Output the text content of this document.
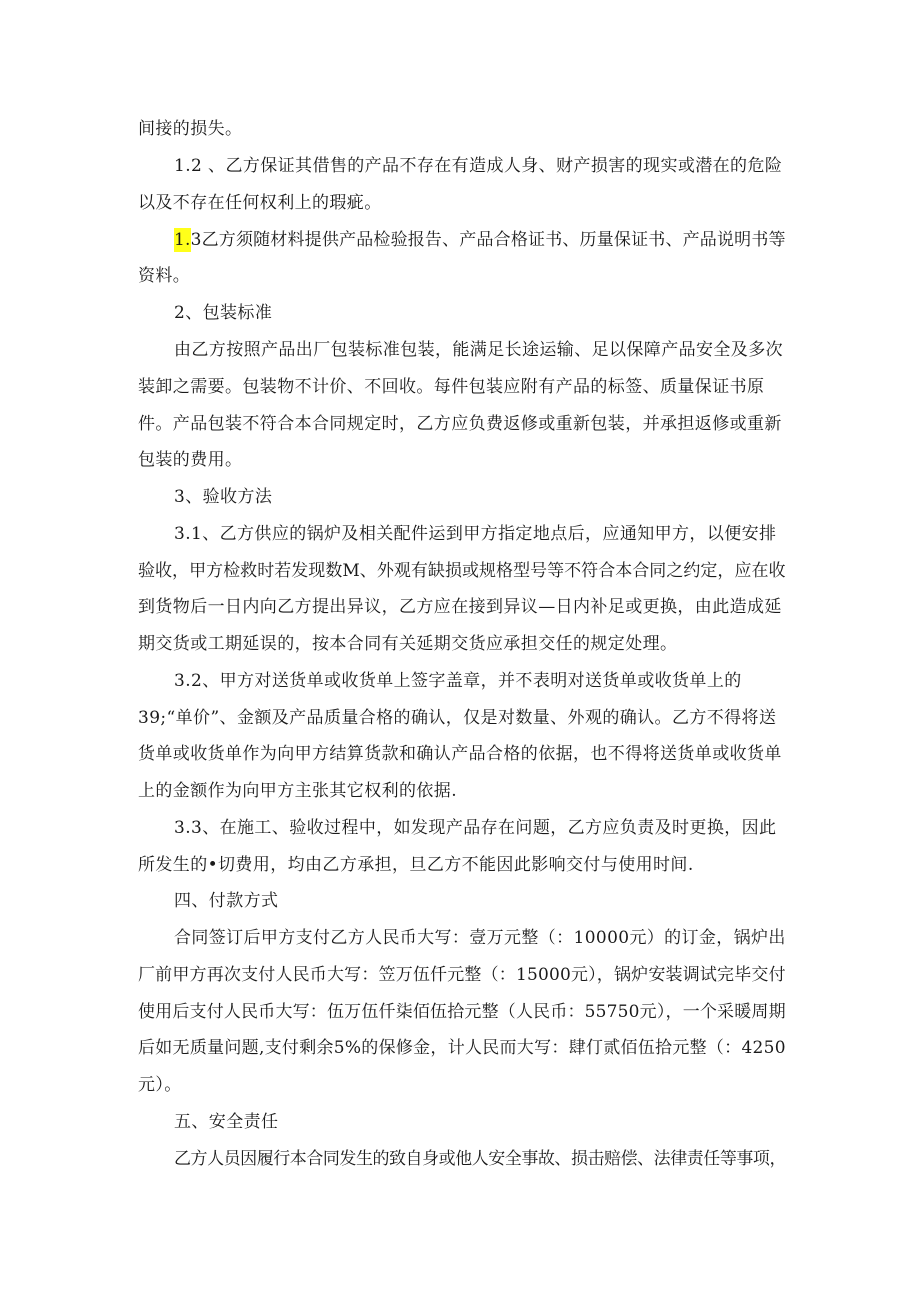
间接的损失。
1.2 、乙方保证其借售的产品不存在有造成人身、财产损害的现实或潜在的危险
以及不存在任何权利上的瑕疵。
1.3乙方须随材料提供产品检验报告、产品合格证书、历量保证书、产品说明书等
资料。
2、包装标准
由乙方按照产品出厂包装标准包装，能满足长途运输、足以保障产品安全及多次
装卸之需要。包装物不计价、不回收。每件包装应附有产品的标签、质量保证书原
件。产品包装不符合本合同规定时，乙方应负费返修或重新包装，并承担返修或重新
包装的费用。
3、验收方法
3.1、乙方供应的锅炉及相关配件运到甲方指定地点后，应通知甲方，以便安排
验收，甲方检救时若发现数M、外观有缺损或规格型号等不符合本合同之约定，应在收
到货物后一日内向乙方提出异议，乙方应在接到异议—日内补足或更换，由此造成延
期交货或工期延误的，按本合同有关延期交货应承担交任的规定处理。
3.2、甲方对送货单或收货单上签字盖章，并不表明对送货单或收货单上的
39;“单价”、金额及产品质量合格的确认，仅是对数量、外观的确认。乙方不得将送
货单或收货单作为向甲方结算货款和确认产品合格的依据，也不得将送货单或收货单
上的金额作为向甲方主张其它权利的依据.
3.3、在施工、验收过程中，如发现产品存在问题，乙方应负责及时更换，因此
所发生的•切费用，均由乙方承担，旦乙方不能因此影响交付与使用时间.
四、付款方式
合同签订后甲方支付乙方人民币大写：壹万元整（：10000元）的订金，锅炉出
厂前甲方再次支付人民币大写：笠万伍仟元整（：15000元），锅炉安装调试完毕交付
使用后支付人民币大写：伍万伍仟柒佰伍拾元整（人民币：55750元），一个采暖周期
后如无质量问题,支付剩余5%的保修金，计人民而大写：肆仃贰佰伍拾元整（：4250
元）。
五、安全责任
乙方人员因履行本合同发生的致自身或他人安全事故、损击赔偿、法律责任等事项，
